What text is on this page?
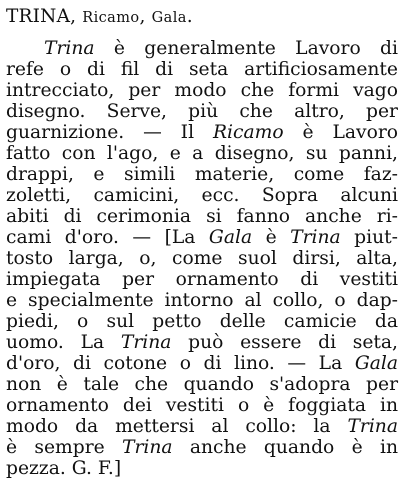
TRINA, Ricamo, Gala.
Trina è generalmente Lavoro di
refe o di fil di seta artificiosamente
intrecciato, per modo che formi vago
disegno. Serve, più che altro, per
guarnizione. — Il Ricamo è Lavoro
fatto con l'ago, e a disegno, su panni,
drappi, e simili materie, come faz-
zoletti, camicini, ecc. Sopra alcuni
abiti di cerimonia si fanno anche ri-
cami d'oro. — [La Gala è Trina piut-
tosto larga, o, come suol dirsi, alta,
impiegata per ornamento di vestiti
e specialmente intorno al collo, o dap-
piedi, o sul petto delle camicie da
uomo. La Trina può essere di seta,
d'oro, di cotone o di lino. — La Gala
non è tale che quando s'adopra per
ornamento dei vestiti o è foggiata in
modo da mettersi al collo: la Trina
è sempre Trina anche quando è in
pezza. G. F.]
